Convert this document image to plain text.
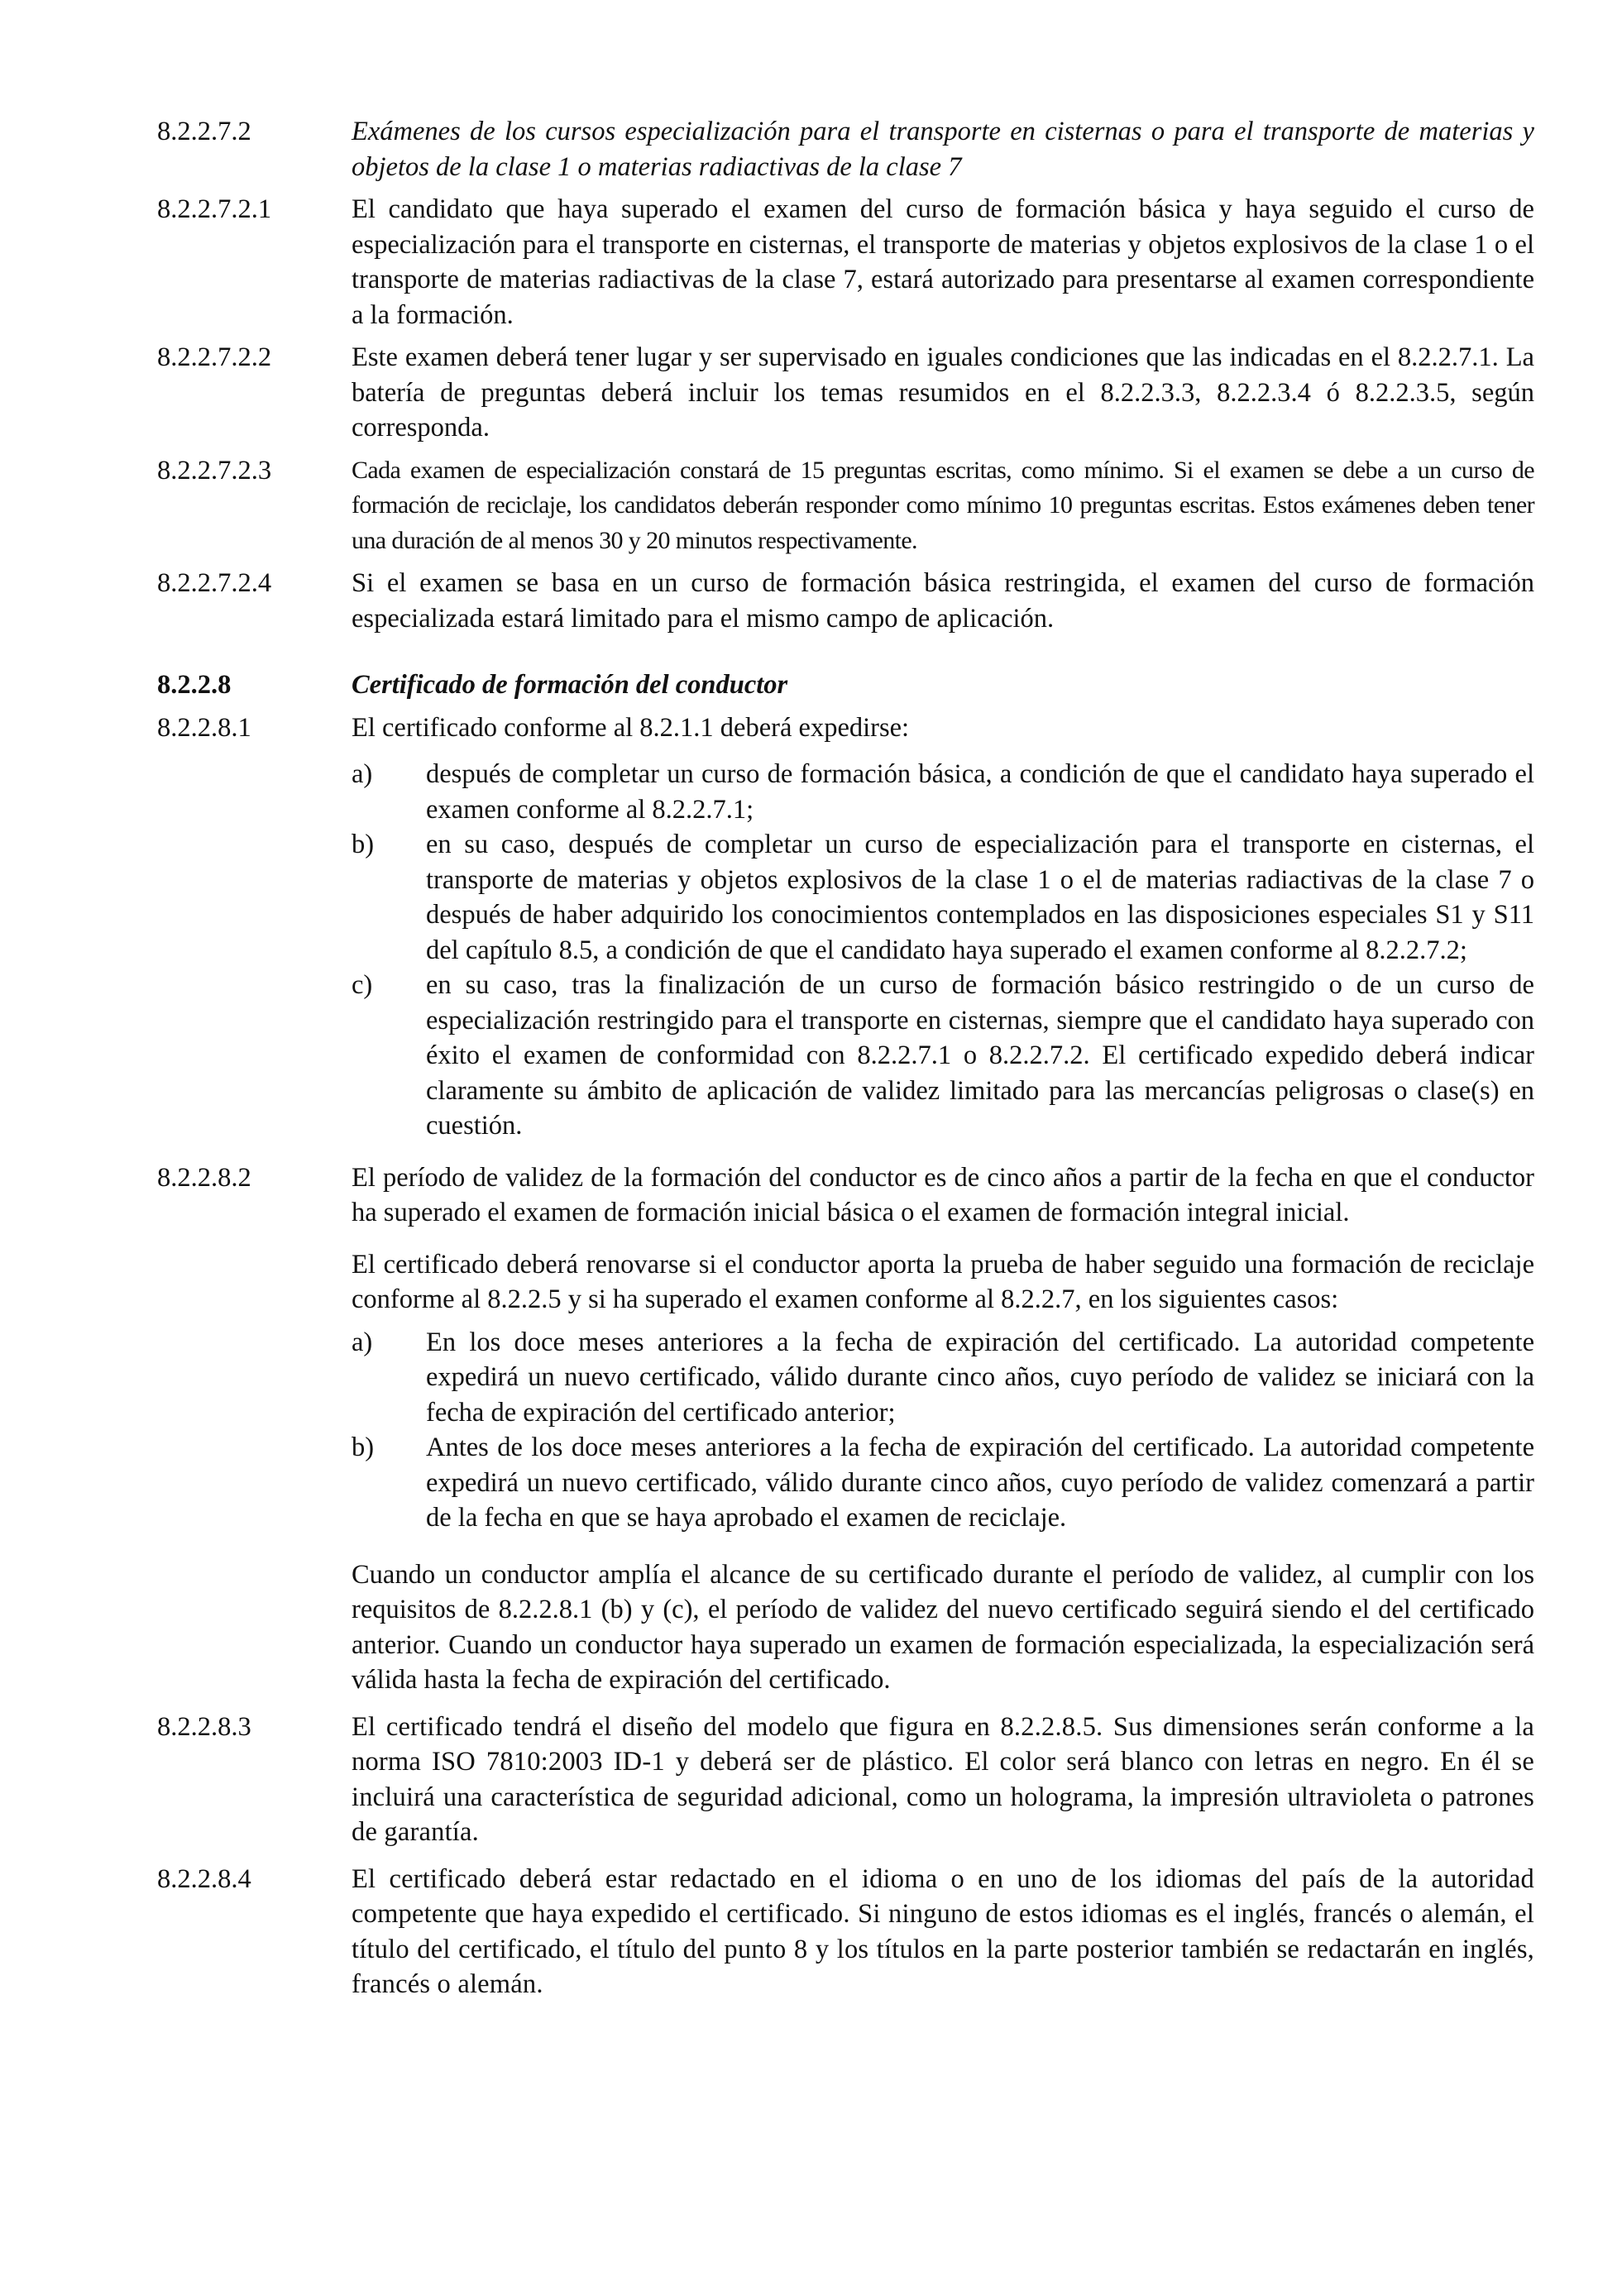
8.2.2.7.2	Exámenes de los cursos especialización para el transporte en cisternas o para el transporte de materias y objetos de la clase 1 o materias radiactivas de la clase 7
8.2.2.7.2.1	El candidato que haya superado el examen del curso de formación básica y haya seguido el curso de especialización para el transporte en cisternas, el transporte de materias y objetos explosivos de la clase 1 o el transporte de materias radiactivas de la clase 7, estará autorizado para presentarse al examen correspondiente a la formación.
8.2.2.7.2.2	Este examen deberá tener lugar y ser supervisado en iguales condiciones que las indicadas en el 8.2.2.7.1. La batería de preguntas deberá incluir los temas resumidos en el 8.2.2.3.3, 8.2.2.3.4 ó 8.2.2.3.5, según corresponda.
8.2.2.7.2.3	Cada examen de especialización constará de 15 preguntas escritas, como mínimo. Si el examen se debe a un curso de formación de reciclaje, los candidatos deberán responder como mínimo 10 preguntas escritas. Estos exámenes deben tener una duración de al menos 30 y 20 minutos respectivamente.
8.2.2.7.2.4	Si el examen se basa en un curso de formación básica restringida, el examen del curso de formación especializada estará limitado para el mismo campo de aplicación.
8.2.2.8	Certificado de formación del conductor
8.2.2.8.1	El certificado conforme al 8.2.1.1 deberá expedirse:
a)	después de completar un curso de formación básica, a condición de que el candidato haya superado el examen conforme al 8.2.2.7.1;
b)	en su caso, después de completar un curso de especialización para el transporte en cisternas, el transporte de materias y objetos explosivos de la clase 1 o el de materias radiactivas de la clase 7 o después de haber adquirido los conocimientos contemplados en las disposiciones especiales S1 y S11 del capítulo 8.5, a condición de que el candidato haya superado el examen conforme al 8.2.2.7.2;
c)	en su caso, tras la finalización de un curso de formación básico restringido o de un curso de especialización restringido para el transporte en cisternas, siempre que el candidato haya superado con éxito el examen de conformidad con 8.2.2.7.1 o 8.2.2.7.2. El certificado expedido deberá indicar claramente su ámbito de aplicación de validez limitado para las mercancías peligrosas o clase(s) en cuestión.
8.2.2.8.2	El período de validez de la formación del conductor es de cinco años a partir de la fecha en que el conductor ha superado el examen de formación inicial básica o el examen de formación integral inicial.
El certificado deberá renovarse si el conductor aporta la prueba de haber seguido una formación de reciclaje conforme al 8.2.2.5 y si ha superado el examen conforme al 8.2.2.7, en los siguientes casos:
a)	En los doce meses anteriores a la fecha de expiración del certificado. La autoridad competente expedirá un nuevo certificado, válido durante cinco años, cuyo período de validez se iniciará con la fecha de expiración del certificado anterior;
b)	Antes de los doce meses anteriores a la fecha de expiración del certificado. La autoridad competente expedirá un nuevo certificado, válido durante cinco años, cuyo período de validez comenzará a partir de la fecha en que se haya aprobado el examen de reciclaje.
Cuando un conductor amplía el alcance de su certificado durante el período de validez, al cumplir con los requisitos de 8.2.2.8.1 (b) y (c), el período de validez del nuevo certificado seguirá siendo el del certificado anterior. Cuando un conductor haya superado un examen de formación especializada, la especialización será válida hasta la fecha de expiración del certificado.
8.2.2.8.3	El certificado tendrá el diseño del modelo que figura en 8.2.2.8.5. Sus dimensiones serán conforme a la norma ISO 7810:2003 ID-1 y deberá ser de plástico. El color será blanco con letras en negro. En él se incluirá una característica de seguridad adicional, como un holograma, la impresión ultravioleta o patrones de garantía.
8.2.2.8.4	El certificado deberá estar redactado en el idioma o en uno de los idiomas del país de la autoridad competente que haya expedido el certificado. Si ninguno de estos idiomas es el inglés, francés o alemán, el título del certificado, el título del punto 8 y los títulos en la parte posterior también se redactarán en inglés, francés o alemán.
